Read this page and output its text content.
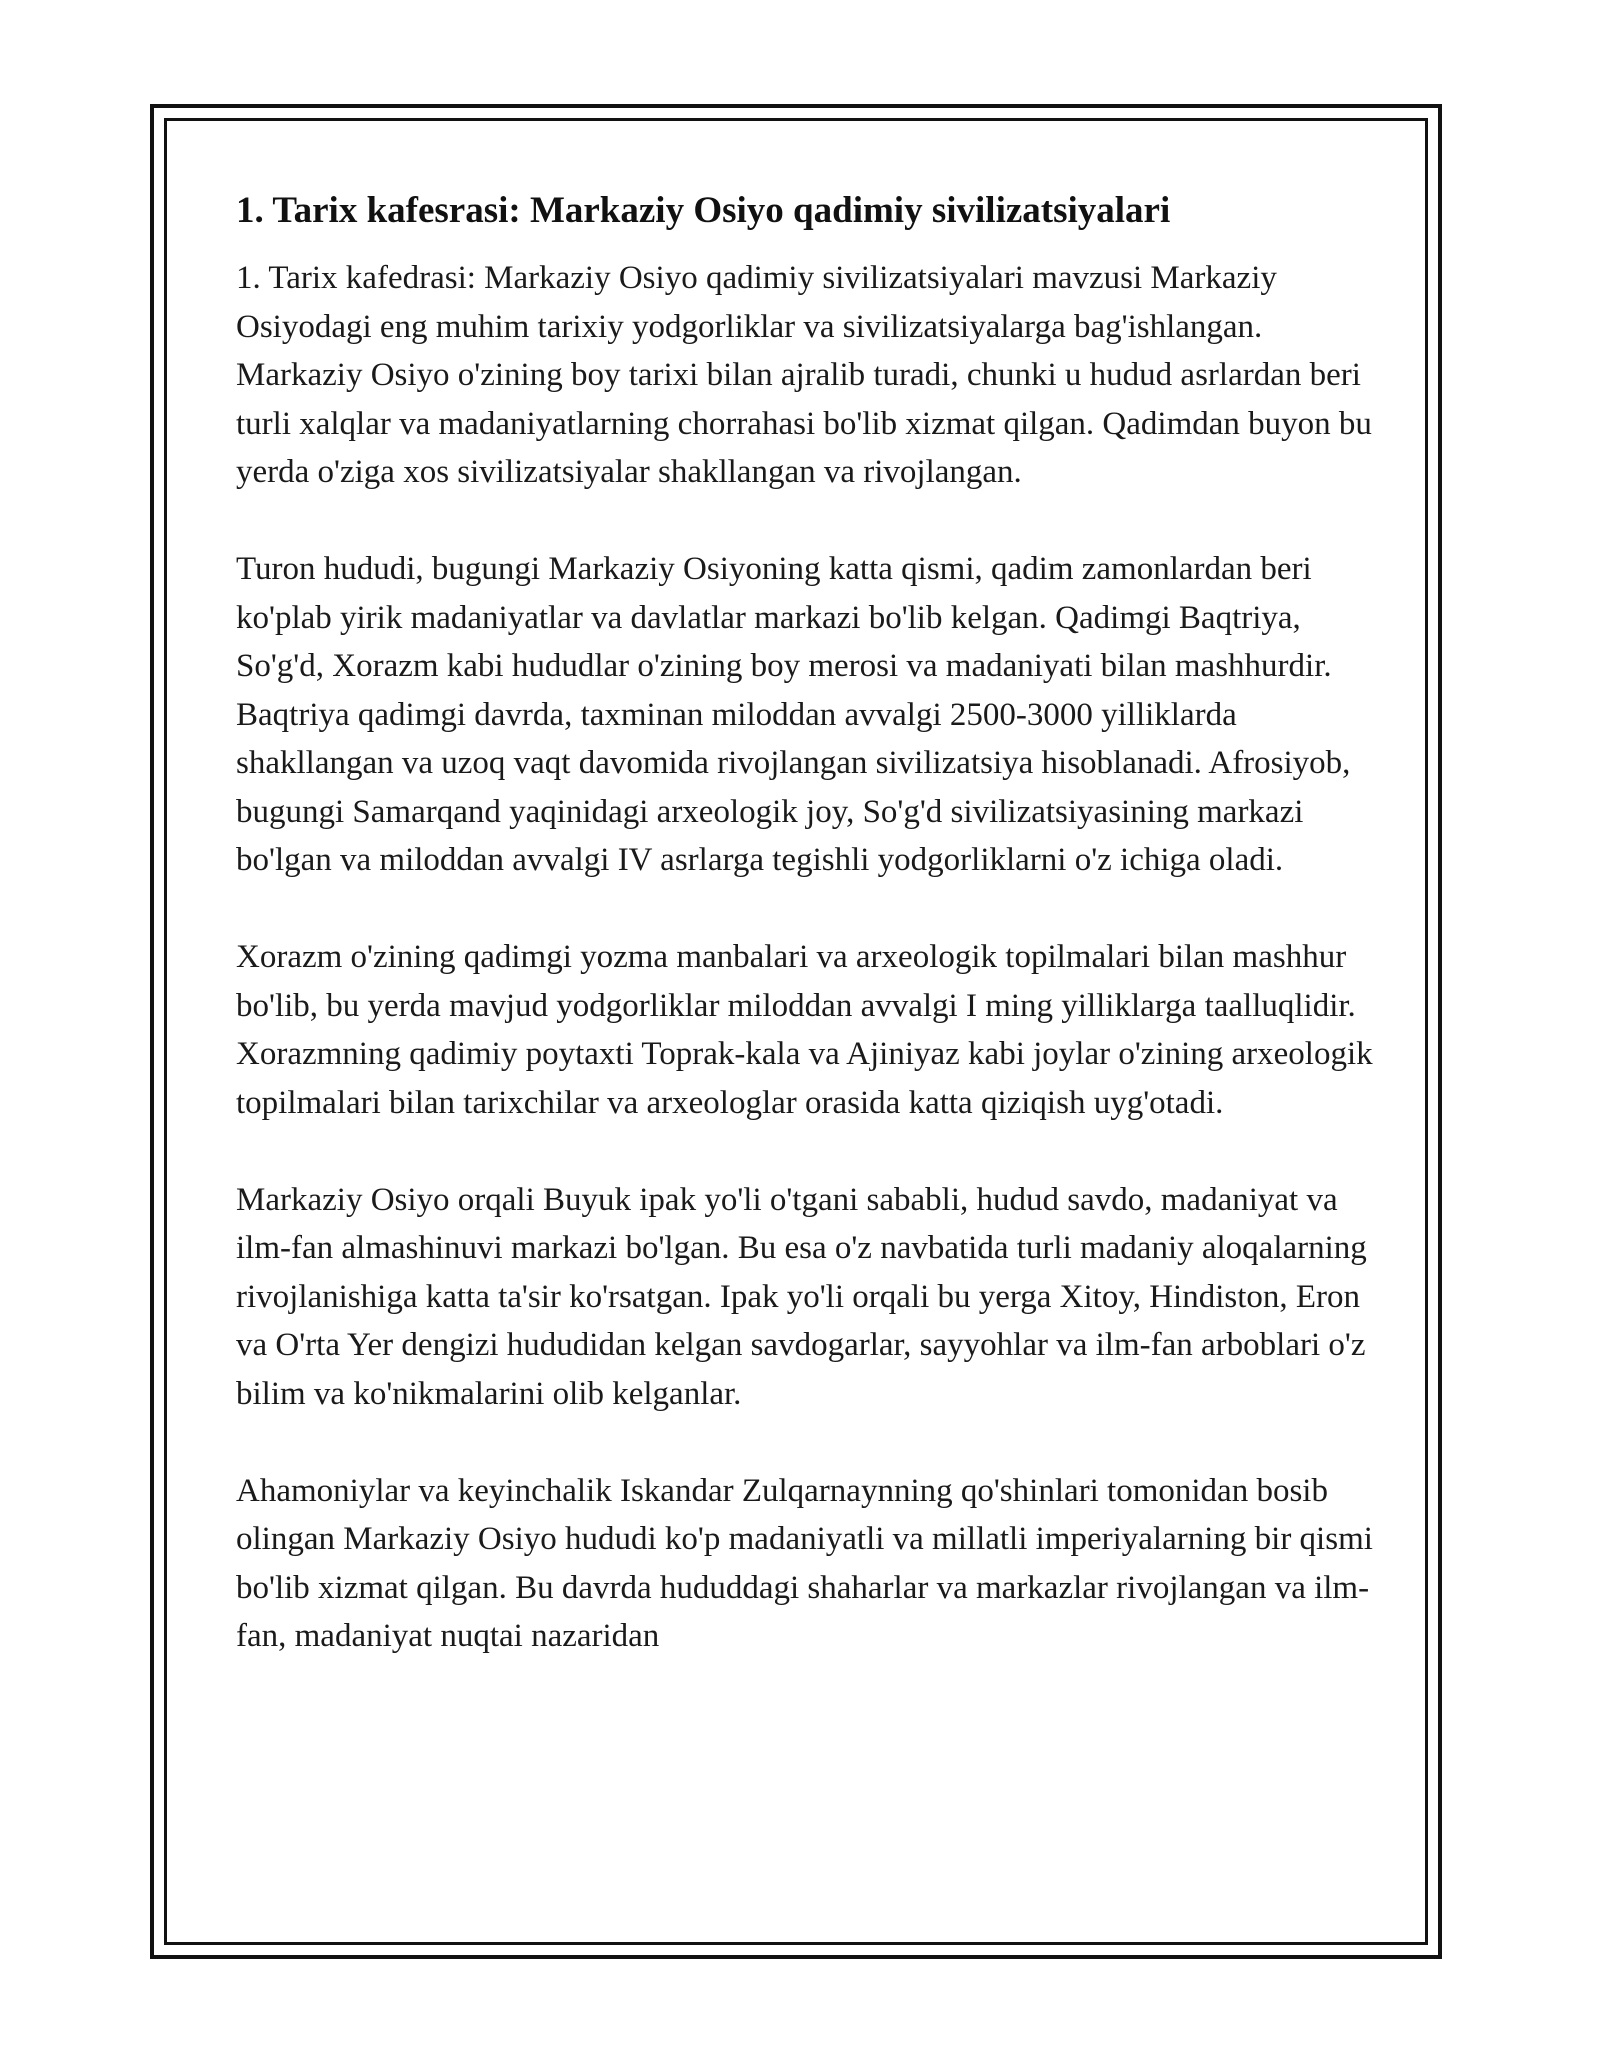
1. Tarix kafesrasi: Markaziy Osiyo qadimiy sivilizatsiyalari

1. Tarix kafedrasi: Markaziy Osiyo qadimiy sivilizatsiyalari mavzusi Markaziy Osiyodagi eng muhim tarixiy yodgorliklar va sivilizatsiyalarga bag'ishlangan. Markaziy Osiyo o'zining boy tarixi bilan ajralib turadi, chunki u hudud asrlardan beri turli xalqlar va madaniyatlarning chorrahasi bo'lib xizmat qilgan. Qadimdan buyon bu yerda o'ziga xos sivilizatsiyalar shakllangan va rivojlangan.

Turon hududi, bugungi Markaziy Osiyoning katta qismi, qadim zamonlardan beri ko'plab yirik madaniyatlar va davlatlar markazi bo'lib kelgan. Qadimgi Baqtriya, So'g'd, Xorazm kabi hududlar o'zining boy merosi va madaniyati bilan mashhurdir. Baqtriya qadimgi davrda, taxminan miloddan avvalgi 2500-3000 yilliklarda shakllangan va uzoq vaqt davomida rivojlangan sivilizatsiya hisoblanadi. Afrosiyob, bugungi Samarqand yaqinidagi arxeologik joy, So'g'd sivilizatsiyasining markazi bo'lgan va miloddan avvalgi IV asrlarga tegishli yodgorliklarni o'z ichiga oladi.

Xorazm o'zining qadimgi yozma manbalari va arxeologik topilmalari bilan mashhur bo'lib, bu yerda mavjud yodgorliklar miloddan avvalgi I ming yilliklarga taalluqlidir. Xorazmning qadimiy poytaxti Toprak-kala va Ajiniyaz kabi joylar o'zining arxeologik topilmalari bilan tarixchilar va arxeologlar orasida katta qiziqish uyg'otadi.

Markaziy Osiyo orqali Buyuk ipak yo'li o'tgani sababli, hudud savdo, madaniyat va ilm-fan almashinuvi markazi bo'lgan. Bu esa o'z navbatida turli madaniy aloqalarning rivojlanishiga katta ta'sir ko'rsatgan. Ipak yo'li orqali bu yerga Xitoy, Hindiston, Eron va O'rta Yer dengizi hududidan kelgan savdogarlar, sayyohlar va ilm-fan arboblari o'z bilim va ko'nikmalarini olib kelganlar.

Ahamoniylar va keyinchalik Iskandar Zulqarnaynning qo'shinlari tomonidan bosib olingan Markaziy Osiyo hududi ko'p madaniyatli va millatli imperiyalarning bir qismi bo'lib xizmat qilgan. Bu davrda hududdagi shaharlar va markazlar rivojlangan va ilm-fan, madaniyat nuqtai nazaridan
